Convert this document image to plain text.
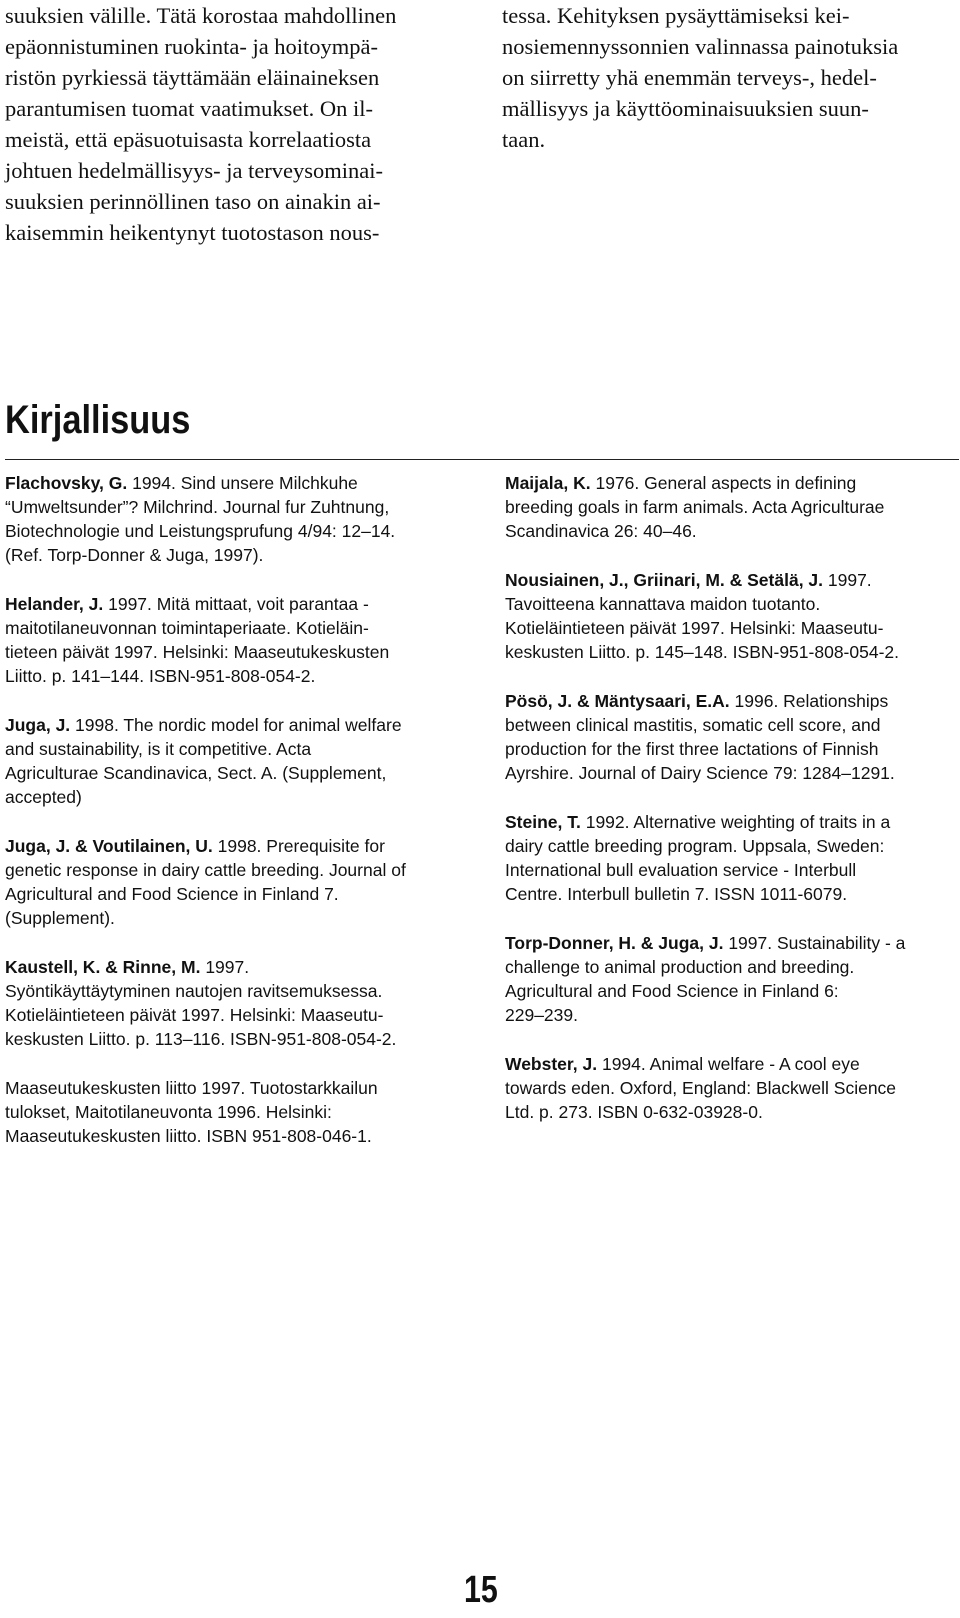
suuksien välille. Tätä korostaa mahdollinen
epäonnistuminen ruokinta- ja hoitoympä-
ristön pyrkiessä täyttämään eläinaineksen
parantumisen tuomat vaatimukset. On il-
meistä, että epäsuotuisasta korrelaatiosta
johtuen hedelmällisyys- ja terveysominai-
suuksien perinnöllinen taso on ainakin ai-
kaisemmin heikentynyt tuotostason nous-
tessa. Kehityksen pysäyttämiseksi kei-
nosiemennyssonnien valinnassa painotuksia
on siirretty yhä enemmän terveys-, hedel-
mällisyys ja käyttöominaisuuksien suun-
taan.
Kirjallisuus
Flachovsky, G. 1994. Sind unsere Milchkuhe
“Umweltsunder”? Milchrind. Journal fur Zuhtnung,
Biotechnologie und Leistungsprufung 4/94: 12–14.
(Ref. Torp-Donner & Juga, 1997).
Helander, J. 1997. Mitä mittaat, voit parantaa -
maitotilaneuvonnan toimintaperiaate. Kotieläin-
tieteen päivät 1997. Helsinki: Maaseutukeskusten
Liitto. p. 141–144. ISBN-951-808-054-2.
Juga, J. 1998. The nordic model for animal welfare
and sustainability, is it competitive. Acta
Agriculturae Scandinavica, Sect. A. (Supplement,
accepted)
Juga, J. & Voutilainen, U. 1998. Prerequisite for
genetic response in dairy cattle breeding. Journal of
Agricultural and Food Science in Finland 7.
(Supplement).
Kaustell, K. & Rinne, M. 1997.
Syöntikäyttäytyminen nautojen ravitsemuksessa.
Kotieläintieteen päivät 1997. Helsinki: Maaseutu-
keskusten Liitto. p. 113–116. ISBN-951-808-054-2.
Maaseutukeskusten liitto 1997. Tuotostarkkailun
tulokset, Maitotilaneuvonta 1996. Helsinki:
Maaseutukeskusten liitto. ISBN 951-808-046-1.
Maijala, K. 1976. General aspects in defining
breeding goals in farm animals. Acta Agriculturae
Scandinavica 26: 40–46.
Nousiainen, J., Griinari, M. & Setälä, J. 1997.
Tavoitteena kannattava maidon tuotanto.
Kotieläintieteen päivät 1997. Helsinki: Maaseutu-
keskusten Liitto. p. 145–148. ISBN-951-808-054-2.
Pösö, J. & Mäntysaari, E.A. 1996. Relationships
between clinical mastitis, somatic cell score, and
production for the first three lactations of Finnish
Ayrshire. Journal of Dairy Science 79: 1284–1291.
Steine, T. 1992. Alternative weighting of traits in a
dairy cattle breeding program. Uppsala, Sweden:
International bull evaluation service - Interbull
Centre. Interbull bulletin 7. ISSN 1011-6079.
Torp-Donner, H. & Juga, J. 1997. Sustainability - a
challenge to animal production and breeding.
Agricultural and Food Science in Finland 6:
229–239.
Webster, J. 1994. Animal welfare - A cool eye
towards eden. Oxford, England: Blackwell Science
Ltd. p. 273. ISBN 0-632-03928-0.
15
